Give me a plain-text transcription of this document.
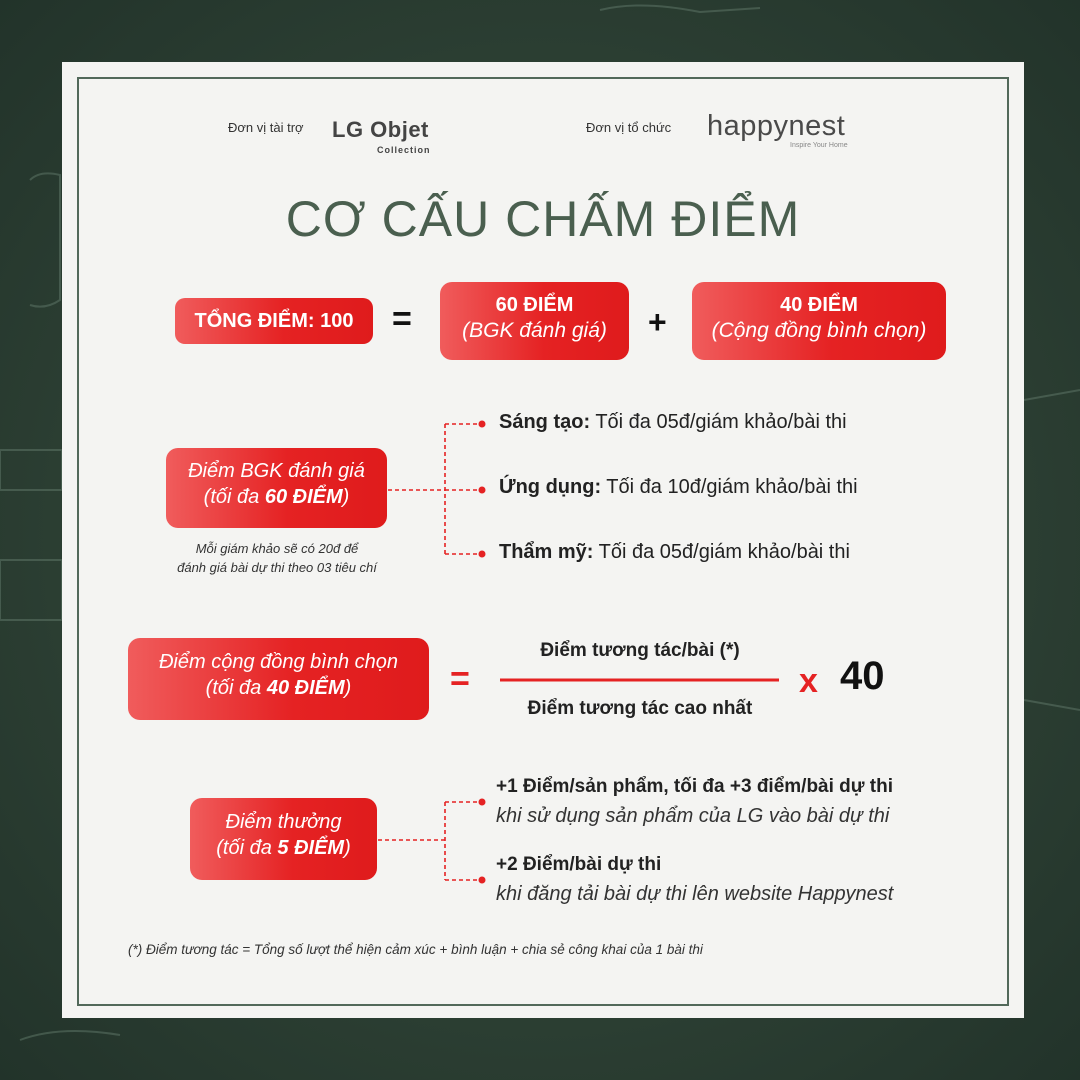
Đơn vị tài trợ LG Objet
Collection
Đơn vị tổ chức happynest
Inspire Your Home
CƠ CẤU CHẤM ĐIỂM
TỔNG ĐIỂM: 100	=	60 ĐIỂM
(BGK đánh giá)	+	40 ĐIỂM
(Cộng đồng bình chọn)
Điểm BGK đánh giá
(tối đa 60 ĐIỂM)
Mỗi giám khảo sẽ có 20đ để
đánh giá bài dự thi theo 03 tiêu chí
Sáng tạo: Tối đa 05đ/giám khảo/bài thi
Ứng dụng: Tối đa 10đ/giám khảo/bài thi
Thẩm mỹ: Tối đa 05đ/giám khảo/bài thi
Điểm cộng đồng bình chọn
(tối đa 40 ĐIỂM)	=
Điểm tương tác/bài (*)
Điểm tương tác cao nhất
x 40
Điểm thưởng
(tối đa 5 ĐIỂM)
+1 Điểm/sản phẩm, tối đa +3 điểm/bài dự thi
khi sử dụng sản phẩm của LG vào bài dự thi
+2 Điểm/bài dự thi
khi đăng tải bài dự thi lên website Happynest
(*) Điểm tương tác = Tổng số lượt thể hiện cảm xúc + bình luận + chia sẻ công khai của 1 bài thi
